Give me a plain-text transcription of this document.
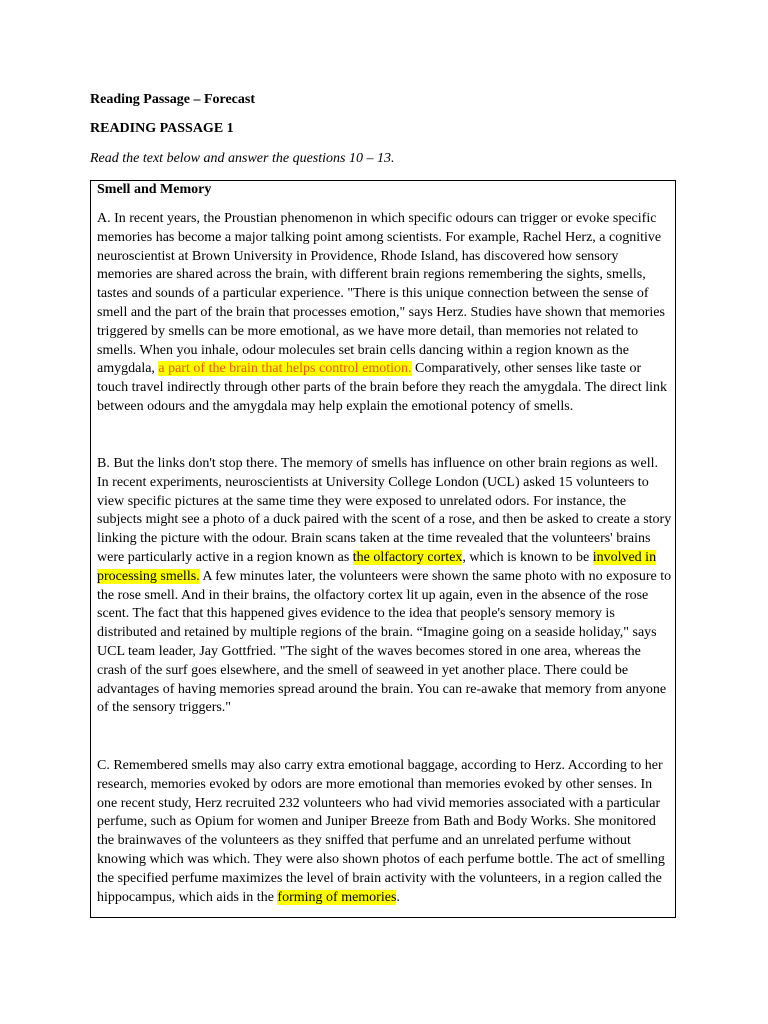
Reading Passage – Forecast
READING PASSAGE 1
Read the text below and answer the questions 10 – 13.
Smell and Memory
A. In recent years, the Proustian phenomenon in which specific odours can trigger or evoke specific memories has become a major talking point among scientists. For example, Rachel Herz, a cognitive neuroscientist at Brown University in Providence, Rhode Island, has discovered how sensory memories are shared across the brain, with different brain regions remembering the sights, smells, tastes and sounds of a particular experience. "There is this unique connection between the sense of smell and the part of the brain that processes emotion," says Herz. Studies have shown that memories triggered by smells can be more emotional, as we have more detail, than memories not related to smells. When you inhale, odour molecules set brain cells dancing within a region known as the amygdala, a part of the brain that helps control emotion. Comparatively, other senses like taste or touch travel indirectly through other parts of the brain before they reach the amygdala. The direct link between odours and the amygdala may help explain the emotional potency of smells.
B. But the links don't stop there. The memory of smells has influence on other brain regions as well. In recent experiments, neuroscientists at University College London (UCL) asked 15 volunteers to view specific pictures at the same time they were exposed to unrelated odors. For instance, the subjects might see a photo of a duck paired with the scent of a rose, and then be asked to create a story linking the picture with the odour. Brain scans taken at the time revealed that the volunteers' brains were particularly active in a region known as the olfactory cortex, which is known to be involved in processing smells. A few minutes later, the volunteers were shown the same photo with no exposure to the rose smell. And in their brains, the olfactory cortex lit up again, even in the absence of the rose scent. The fact that this happened gives evidence to the idea that people's sensory memory is distributed and retained by multiple regions of the brain. “Imagine going on a seaside holiday," says UCL team leader, Jay Gottfried. "The sight of the waves becomes stored in one area, whereas the crash of the surf goes elsewhere, and the smell of seaweed in yet another place. There could be advantages of having memories spread around the brain. You can re-awake that memory from anyone of the sensory triggers."
C. Remembered smells may also carry extra emotional baggage, according to Herz. According to her research, memories evoked by odors are more emotional than memories evoked by other senses. In one recent study, Herz recruited 232 volunteers who had vivid memories associated with a particular perfume, such as Opium for women and Juniper Breeze from Bath and Body Works. She monitored the brainwaves of the volunteers as they sniffed that perfume and an unrelated perfume without knowing which was which. They were also shown photos of each perfume bottle. The act of smelling the specified perfume maximizes the level of brain activity with the volunteers, in a region called the hippocampus, which aids in the forming of memories.
